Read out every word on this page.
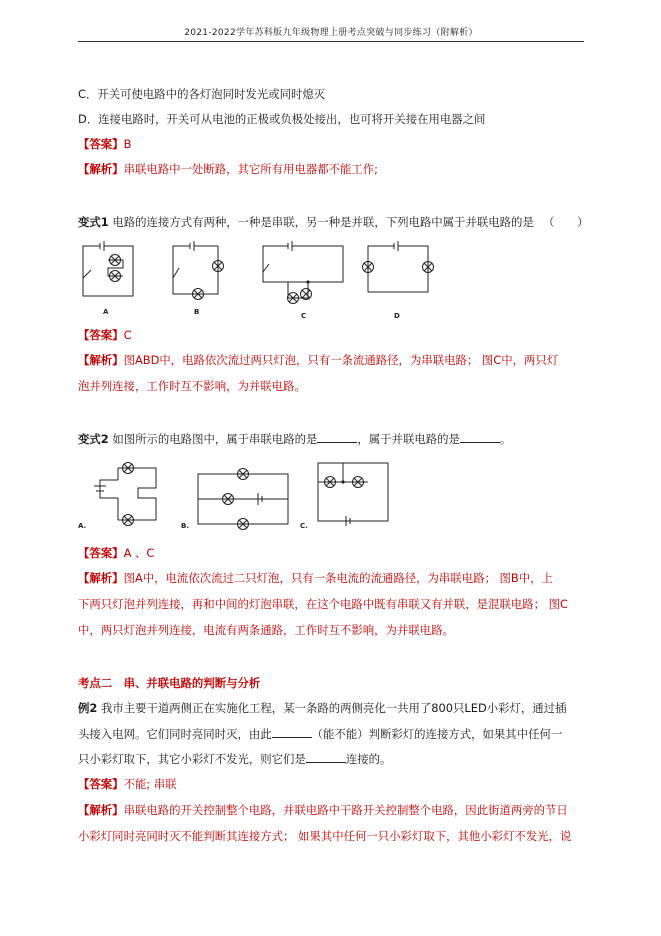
2021-2022学年苏科版九年级物理上册考点突破与同步练习（附解析）
C．开关可使电路中的各灯泡同时发光或同时熄灭
D．连接电路时，开关可从电池的正极或负极处接出，也可将开关接在用电器之间
【答案】B
【解析】串联电路中一处断路，其它所有用电器都不能工作;
变式1 电路的连接方式有两种，一种是串联，另一种是并联，下列电路中属于并联电路的是 （　　）
A	B	C	D
【答案】C
【解析】图ABD中，电路依次流过两只灯泡，只有一条流通路径，为串联电路； 图C中，两只灯
泡并列连接，工作时互不影响，为并联电路。
变式2 如图所示的电路图中，属于串联电路的是	，属于并联电路的是	。
A.	B.	C.
【答案】A 、C
【解析】图A中，电流依次流过二只灯泡，只有一条电流的流通路径，为串联电路； 图B中，上
下两只灯泡并列连接，再和中间的灯泡串联，在这个电路中既有串联又有并联，是混联电路； 图C
中，两只灯泡并列连接，电流有两条通路，工作时互不影响，为并联电路。
考点二　串、并联电路的判断与分析
例2 我市主要干道两侧正在实施化工程，某一条路的两侧亮化一共用了800只LED小彩灯，通过插
头接入电网。它们同时亮同时灭，由此	（能不能）判断彩灯的连接方式，如果其中任何一
只小彩灯取下，其它小彩灯不发光，则它们是	连接的。
【答案】不能; 串联
【解析】串联电路的开关控制整个电路，并联电路中干路开关控制整个电路，因此街道两旁的节日
小彩灯同时亮同时灭不能判断其连接方式； 如果其中任何一只小彩灯取下，其他小彩灯不发光，说
